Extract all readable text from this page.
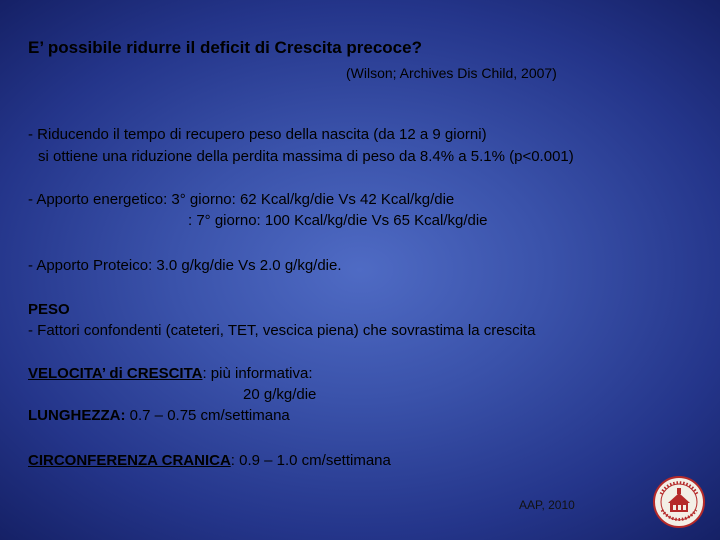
E’ possibile ridurre il deficit di Crescita precoce?

(Wilson; Archives Dis Child, 2007)

- Riducendo il tempo di recupero peso della nascita (da 12 a 9 giorni)

si ottiene una riduzione della perdita massima di peso da 8.4% a 5.1% (p<0.001)

- Apporto energetico: 3° giorno: 62 Kcal/kg/die Vs 42 Kcal/kg/die

: 7° giorno: 100 Kcal/kg/die Vs 65 Kcal/kg/die

- Apporto Proteico: 3.0 g/kg/die Vs 2.0 g/kg/die.

PESO

- Fattori confondenti (cateteri, TET, vescica piena) che sovrastima la crescita

VELOCITA’ di CRESCITA: più informativa:

20 g/kg/die

LUNGHEZZA: 0.7 – 0.75 cm/settimana

CIRCONFERENZA CRANICA: 0.9 – 1.0 cm/settimana

AAP, 2010
